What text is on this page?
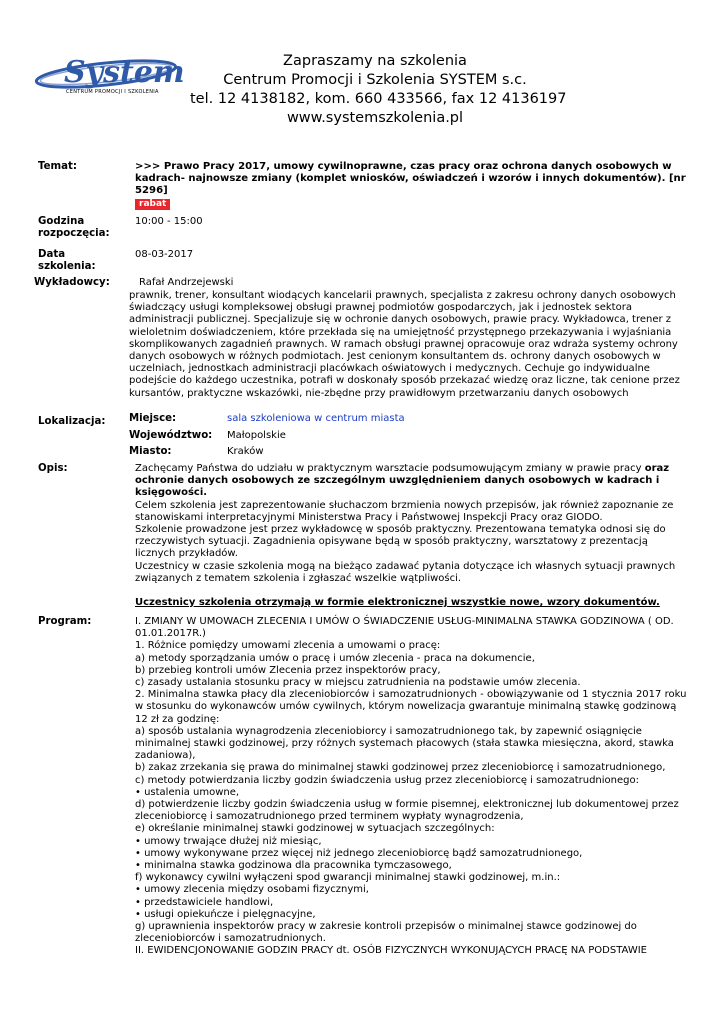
System
CENTRUM PROMOCJI I SZKOLENIA
Zapraszamy na szkolenia
Centrum Promocji i Szkolenia SYSTEM s.c.
tel. 12 4138182, kom. 660 433566, fax 12 4136197
www.systemszkolenia.pl
Temat:	>>> Prawo Pracy 2017, umowy cywilnoprawne, czas pracy oraz ochrona danych osobowych w kadrach- najnowsze zmiany (komplet wniosków, oświadczeń i wzorów i innych dokumentów). [nr 5296]
rabat
Godzina
rozpoczęcia:
10:00 - 15:00
Data
szkolenia:
08-03-2017
Wykładowcy:	Rafał Andrzejewski
prawnik, trener, konsultant wiodących kancelarii prawnych, specjalista z zakresu ochrony danych osobowych świadczący usługi kompleksowej obsługi prawnej podmiotów gospodarczych, jak i jednostek sektora administracji publicznej. Specjalizuje się w ochronie danych osobowych, prawie pracy. Wykładowca, trener z wieloletnim doświadczeniem, które przekłada się na umiejętność przystępnego przekazywania i wyjaśniania skomplikowanych zagadnień prawnych. W ramach obsługi prawnej opracowuje oraz wdraża systemy ochrony danych osobowych w różnych podmiotach. Jest cenionym konsultantem ds. ochrony danych osobowych w uczelniach, jednostkach administracji placówkach oświatowych i medycznych. Cechuje go indywidualne podejście do każdego uczestnika, potrafi w doskonały sposób przekazać wiedzę oraz liczne, tak cenione przez kursantów, praktyczne wskazówki, nie-zbędne przy prawidłowym przetwarzaniu danych osobowych
Lokalizacja: Miejsce:	sala szkoleniowa w centrum miasta
Województwo: Małopolskie
Miasto:	Kraków
Opis:	Zachęcamy Państwa do udziału w praktycznym warsztacie podsumowującym zmiany w prawie pracy oraz ochronie danych osobowych ze szczególnym uwzględnieniem danych osobowych w kadrach i księgowości.

Celem szkolenia jest zaprezentowanie słuchaczom brzmienia nowych przepisów, jak również zapoznanie ze stanowiskami interpretacyjnymi Ministerstwa Pracy i Państwowej Inspekcji Pracy oraz GIODO.

Szkolenie prowadzone jest przez wykładowcę w sposób praktyczny. Prezentowana tematyka odnosi się do rzeczywistych sytuacji. Zagadnienia opisywane będą w sposób praktyczny, warsztatowy z prezentacją licznych przykładów.

Uczestnicy w czasie szkolenia mogą na bieżąco zadawać pytania dotyczące ich własnych sytuacji prawnych związanych z tematem szkolenia i zgłaszać wszelkie wątpliwości.

Uczestnicy szkolenia otrzymają w formie elektronicznej wszystkie nowe, wzory dokumentów.

Program:	I. ZMIANY W UMOWACH ZLECENIA I UMÓW O ŚWIADCZENIE USŁUG-MINIMALNA STAWKA GODZINOWA ( OD. 01.01.2017R.)
1. Różnice pomiędzy umowami zlecenia a umowami o pracę:
a) metody sporządzania umów o pracę i umów zlecenia - praca na dokumencie,
b) przebieg kontroli umów Zlecenia przez inspektorów pracy,
c) zasady ustalania stosunku pracy w miejscu zatrudnienia na podstawie umów zlecenia.
2. Minimalna stawka płacy dla zleceniobiorców i samozatrudnionych - obowiązywanie od 1 stycznia 2017 roku w stosunku do wykonawców umów cywilnych, którym nowelizacja gwarantuje minimalną stawkę godzinową 12 zł za godzinę:
a) sposób ustalania wynagrodzenia zleceniobiorcy i samozatrudnionego tak, by zapewnić osiągnięcie minimalnej stawki godzinowej, przy różnych systemach płacowych (stała stawka miesięczna, akord, stawka zadaniowa),
b) zakaz zrzekania się prawa do minimalnej stawki godzinowej przez zleceniobiorcę i samozatrudnionego,
c) metody potwierdzania liczby godzin świadczenia usług przez zleceniobiorcę i samozatrudnionego:
• ustalenia umowne,
d) potwierdzenie liczby godzin świadczenia usług w formie pisemnej, elektronicznej lub dokumentowej przez zleceniobiorcę i samozatrudnionego przed terminem wypłaty wynagrodzenia,
e) określanie minimalnej stawki godzinowej w sytuacjach szczególnych:
• umowy trwające dłużej niż miesiąc,
• umowy wykonywane przez więcej niż jednego zleceniobiorcę bądź samozatrudnionego,
• minimalna stawka godzinowa dla pracownika tymczasowego,
f) wykonawcy cywilni wyłączeni spod gwarancji minimalnej stawki godzinowej, m.in.:
• umowy zlecenia między osobami fizycznymi,
• przedstawiciele handlowi,
• usługi opiekuńcze i pielęgnacyjne,
g) uprawnienia inspektorów pracy w zakresie kontroli przepisów o minimalnej stawce godzinowej do zleceniobiorców i samozatrudnionych.
II. EWIDENCJONOWANIE GODZIN PRACY dt. OSÓB FIZYCZNYCH WYKONUJĄCYCH PRACĘ NA PODSTAWIE
